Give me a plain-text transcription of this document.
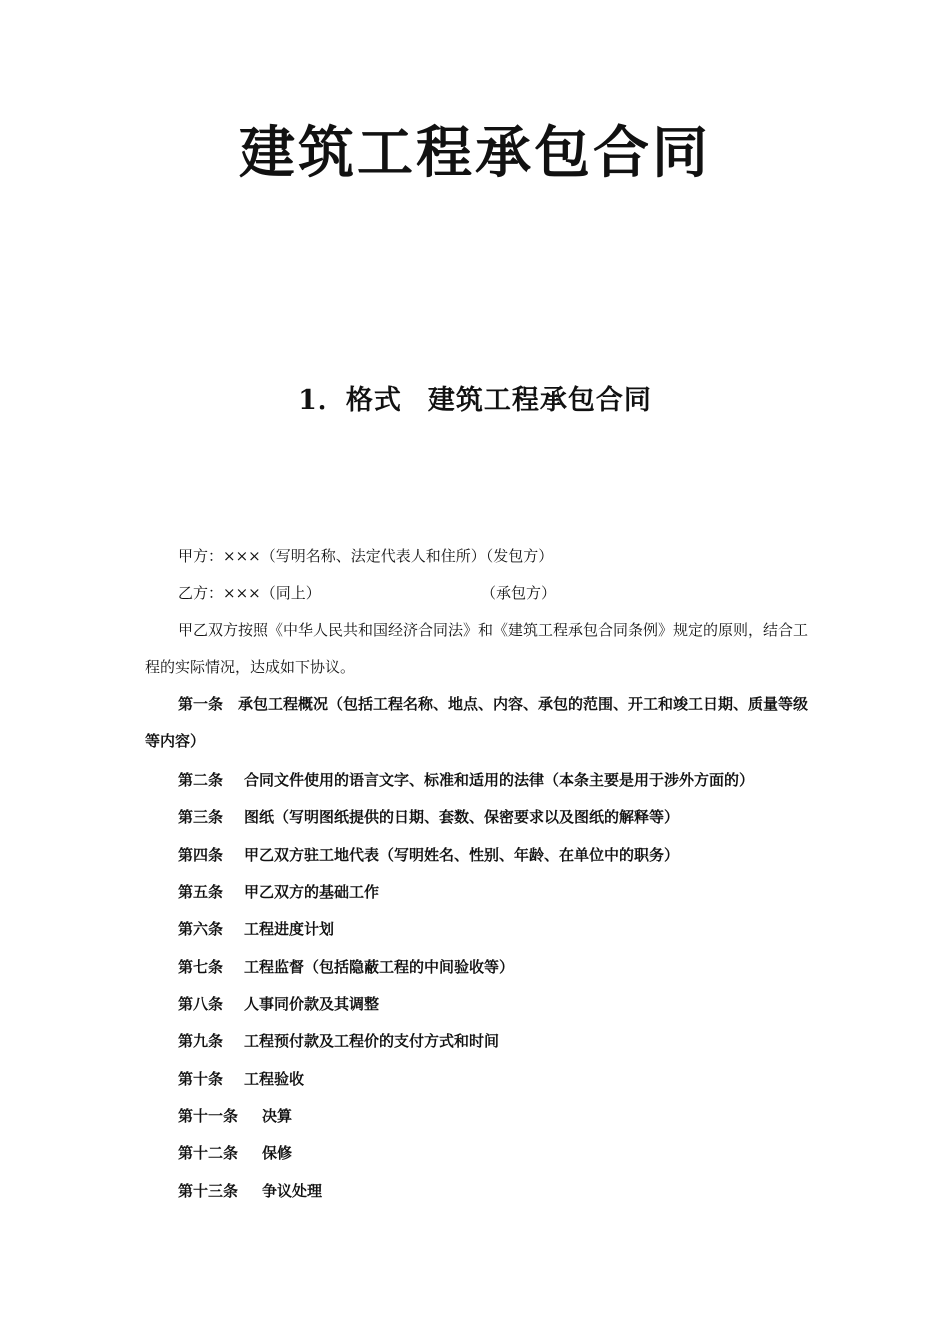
建筑工程承包合同
1．格式 建筑工程承包合同
甲方：×××（写明名称、法定代表人和住所）（发包方）
乙方：×××（同上）	（承包方）

甲乙双方按照《中华人民共和国经济合同法》和《建筑工程承包合同条例》规定的原则，结合工程的实际情况，达成如下协议。

第一条　承包工程概况（包括工程名称、地点、内容、承包的范围、开工和竣工日期、质量等级等内容）

第二条 合同文件使用的语言文字、标准和适用的法律（本条主要是用于涉外方面的）
第三条 图纸（写明图纸提供的日期、套数、保密要求以及图纸的解释等）
第四条 甲乙双方驻工地代表（写明姓名、性别、年龄、在单位中的职务）
第五条 甲乙双方的基础工作
第六条 工程进度计划
第七条 工程监督（包括隐蔽工程的中间验收等）
第八条 人事同价款及其调整
第九条 工程预付款及工程价的支付方式和时间
第十条 工程验收
第十一条 决算
第十二条 保修
第十三条 争议处理
